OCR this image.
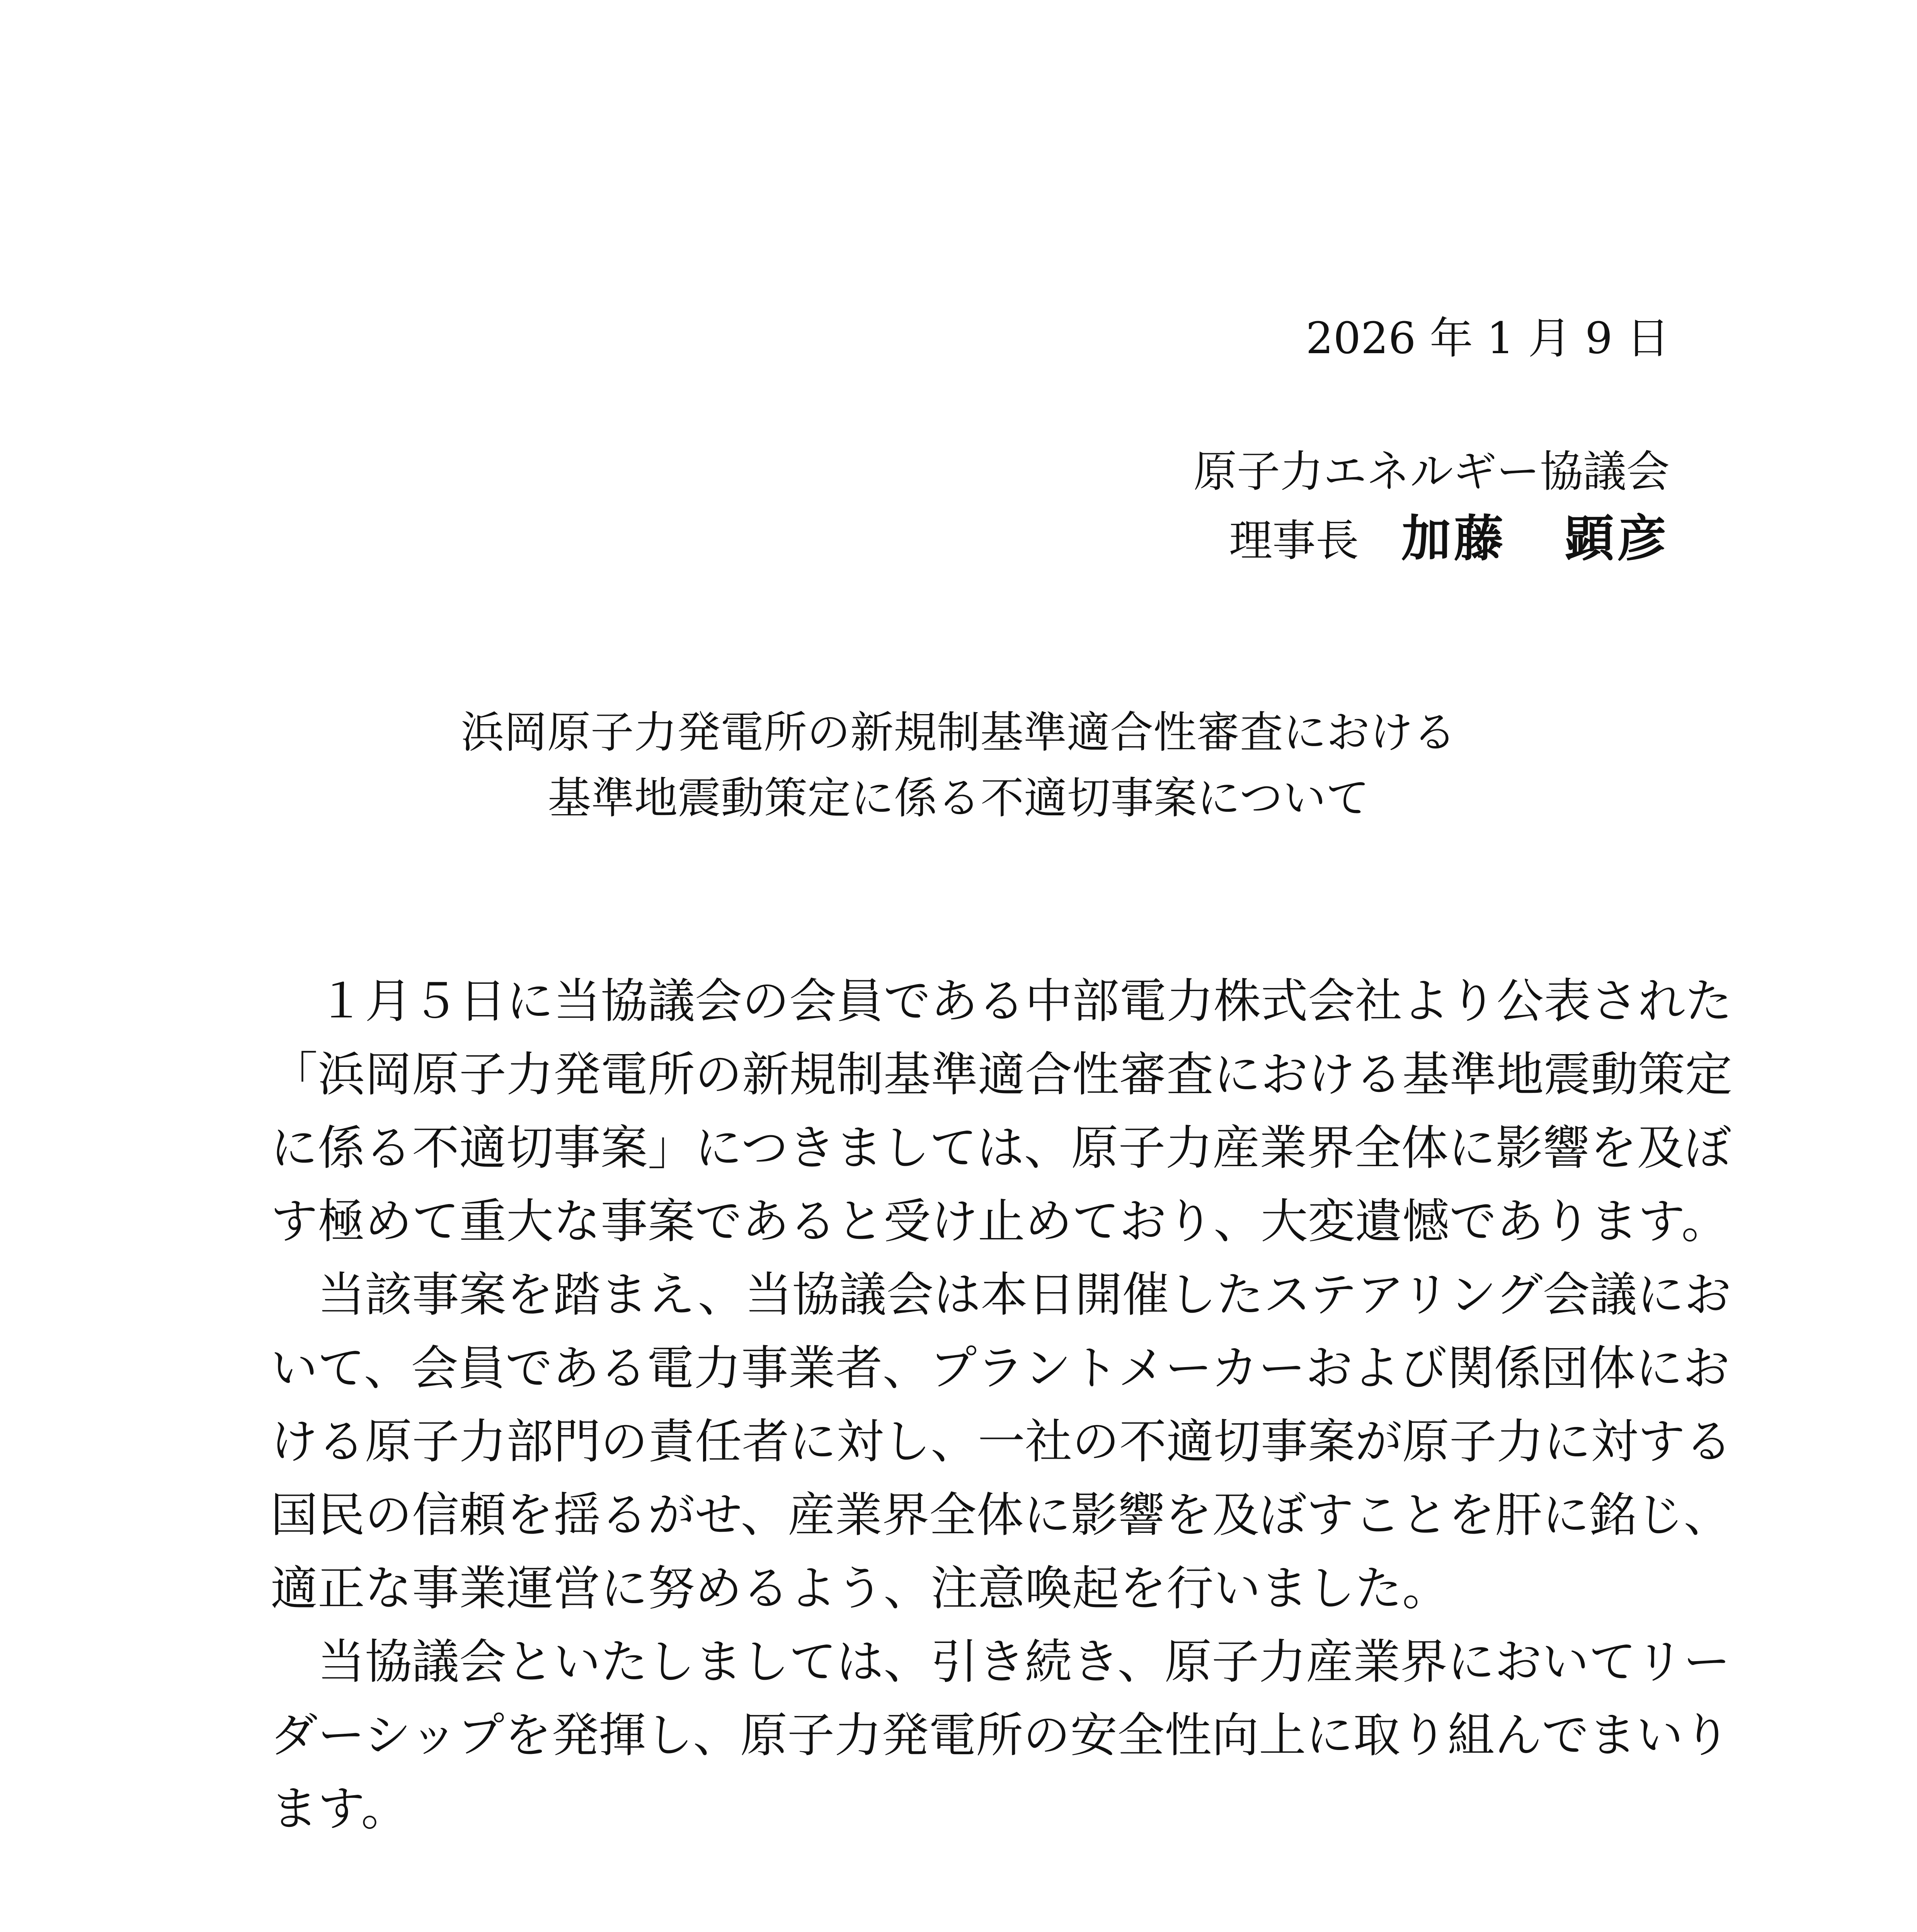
2026 年 1 月 9 日
原子力エネルギー協議会
理事長 加藤 顕彦
浜岡原子力発電所の新規制基準適合性審査における
基準地震動策定に係る不適切事案について
　１月５日に当協議会の会員である中部電力株式会社より公表された
「浜岡原子力発電所の新規制基準適合性審査における基準地震動策定
に係る不適切事案」につきましては、原子力産業界全体に影響を及ぼ
す極めて重大な事案であると受け止めており、大変遺憾であります。
　当該事案を踏まえ、当協議会は本日開催したステアリング会議にお
いて、会員である電力事業者、プラントメーカーおよび関係団体にお
ける原子力部門の責任者に対し、一社の不適切事案が原子力に対する
国民の信頼を揺るがせ、産業界全体に影響を及ぼすことを肝に銘じ、
適正な事業運営に努めるよう、注意喚起を行いました。
　当協議会といたしましては、引き続き、原子力産業界においてリー
ダーシップを発揮し、原子力発電所の安全性向上に取り組んでまいり
ます。
